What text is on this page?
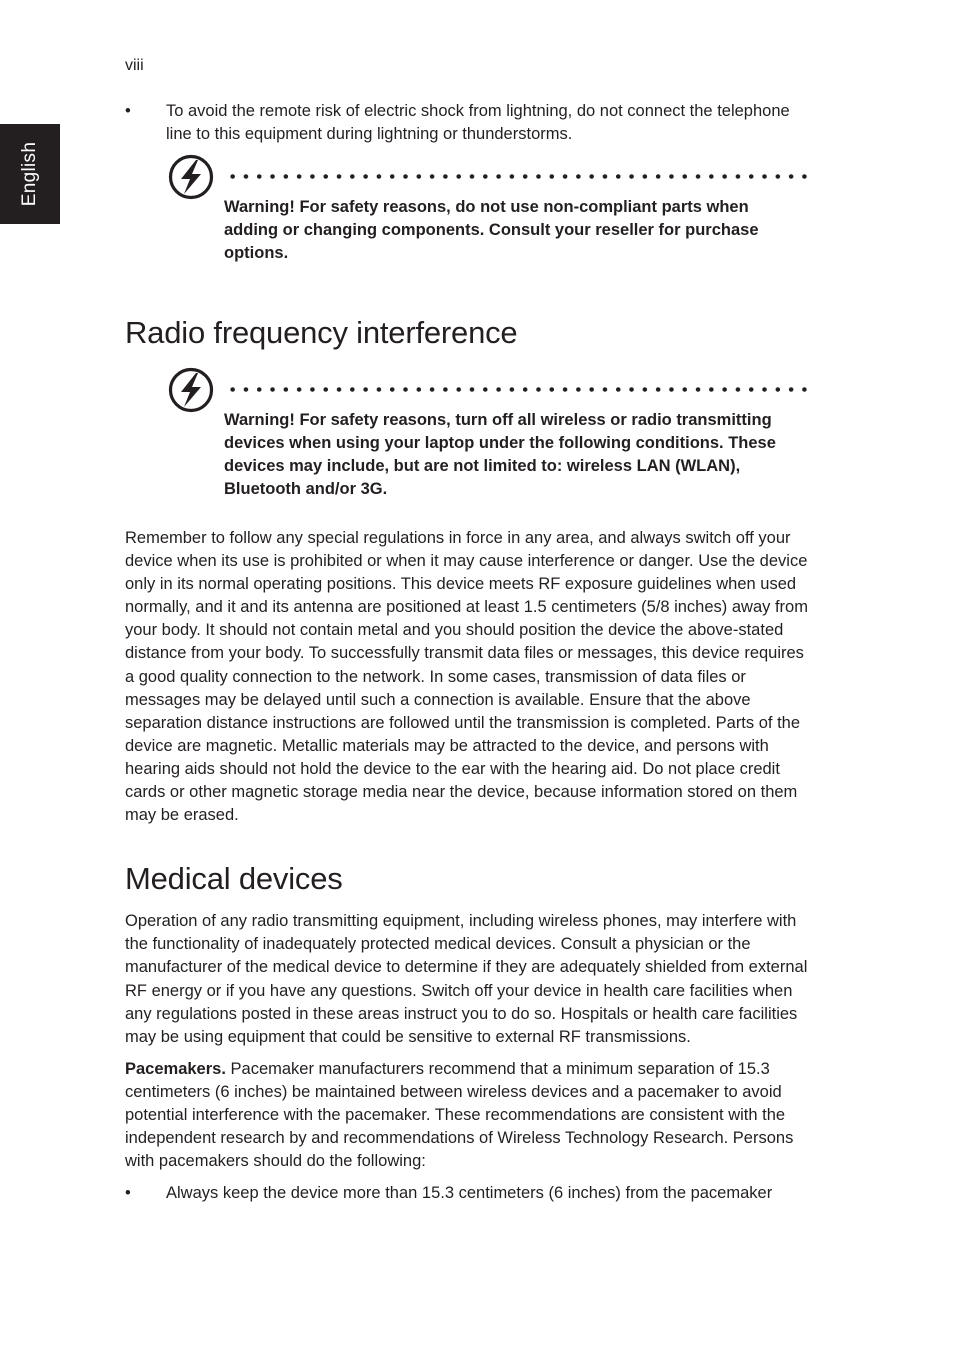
English
viii
• To avoid the remote risk of electric shock from lightning, do not connect the telephone line to this equipment during lightning or thunderstorms.
Warning! For safety reasons, do not use non-compliant parts when adding or changing components. Consult your reseller for purchase options.
Radio frequency interference
Warning! For safety reasons, turn off all wireless or radio transmitting devices when using your laptop under the following conditions. These devices may include, but are not limited to: wireless LAN (WLAN), Bluetooth and/or 3G.

Remember to follow any special regulations in force in any area, and always switch off your device when its use is prohibited or when it may cause interference or danger. Use the device only in its normal operating positions. This device meets RF exposure guidelines when used normally, and it and its antenna are positioned at least 1.5 centimeters (5/8 inches) away from your body. It should not contain metal and you should position the device the above-stated distance from your body. To successfully transmit data files or messages, this device requires a good quality connection to the network. In some cases, transmission of data files or messages may be delayed until such a connection is available. Ensure that the above separation distance instructions are followed until the transmission is completed. Parts of the device are magnetic. Metallic materials may be attracted to the device, and persons with hearing aids should not hold the device to the ear with the hearing aid. Do not place credit cards or other magnetic storage media near the device, because information stored on them may be erased.

Medical devices

Operation of any radio transmitting equipment, including wireless phones, may interfere with the functionality of inadequately protected medical devices. Consult a physician or the manufacturer of the medical device to determine if they are adequately shielded from external RF energy or if you have any questions. Switch off your device in health care facilities when any regulations posted in these areas instruct you to do so. Hospitals or health care facilities may be using equipment that could be sensitive to external RF transmissions.

Pacemakers. Pacemaker manufacturers recommend that a minimum separation of 15.3 centimeters (6 inches) be maintained between wireless devices and a pacemaker to avoid potential interference with the pacemaker. These recommendations are consistent with the independent research by and recommendations of Wireless Technology Research. Persons with pacemakers should do the following:

• Always keep the device more than 15.3 centimeters (6 inches) from the pacemaker
